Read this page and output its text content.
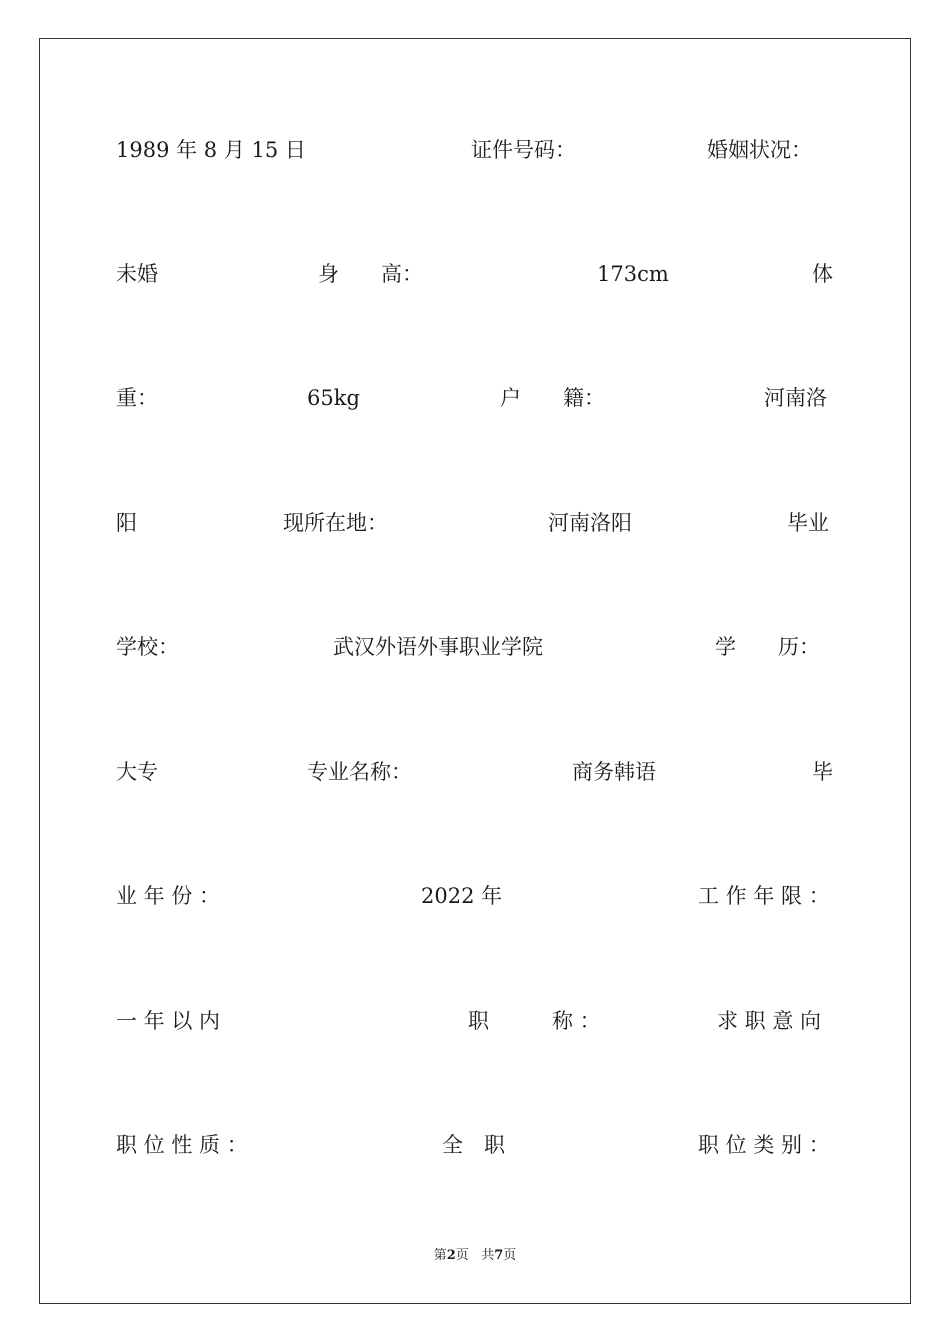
1989 年 8 月 15 日	证件号码：	婚姻状况：
未婚	身　　高：	173cm	体
重：	65kg	户　　籍：	河南洛
阳	现所在地：	河南洛阳	毕业
学校：	武汉外语外事职业学院	学　　历：
大专	专业名称：	商务韩语	毕
业 年 份 ：	2022 年	工 作 年 限 ：
一 年 以 内	职　　　称 ：	求 职 意 向
职 位 性 质 ：	全　职	职 位 类 别 ：
第2页 共7页
